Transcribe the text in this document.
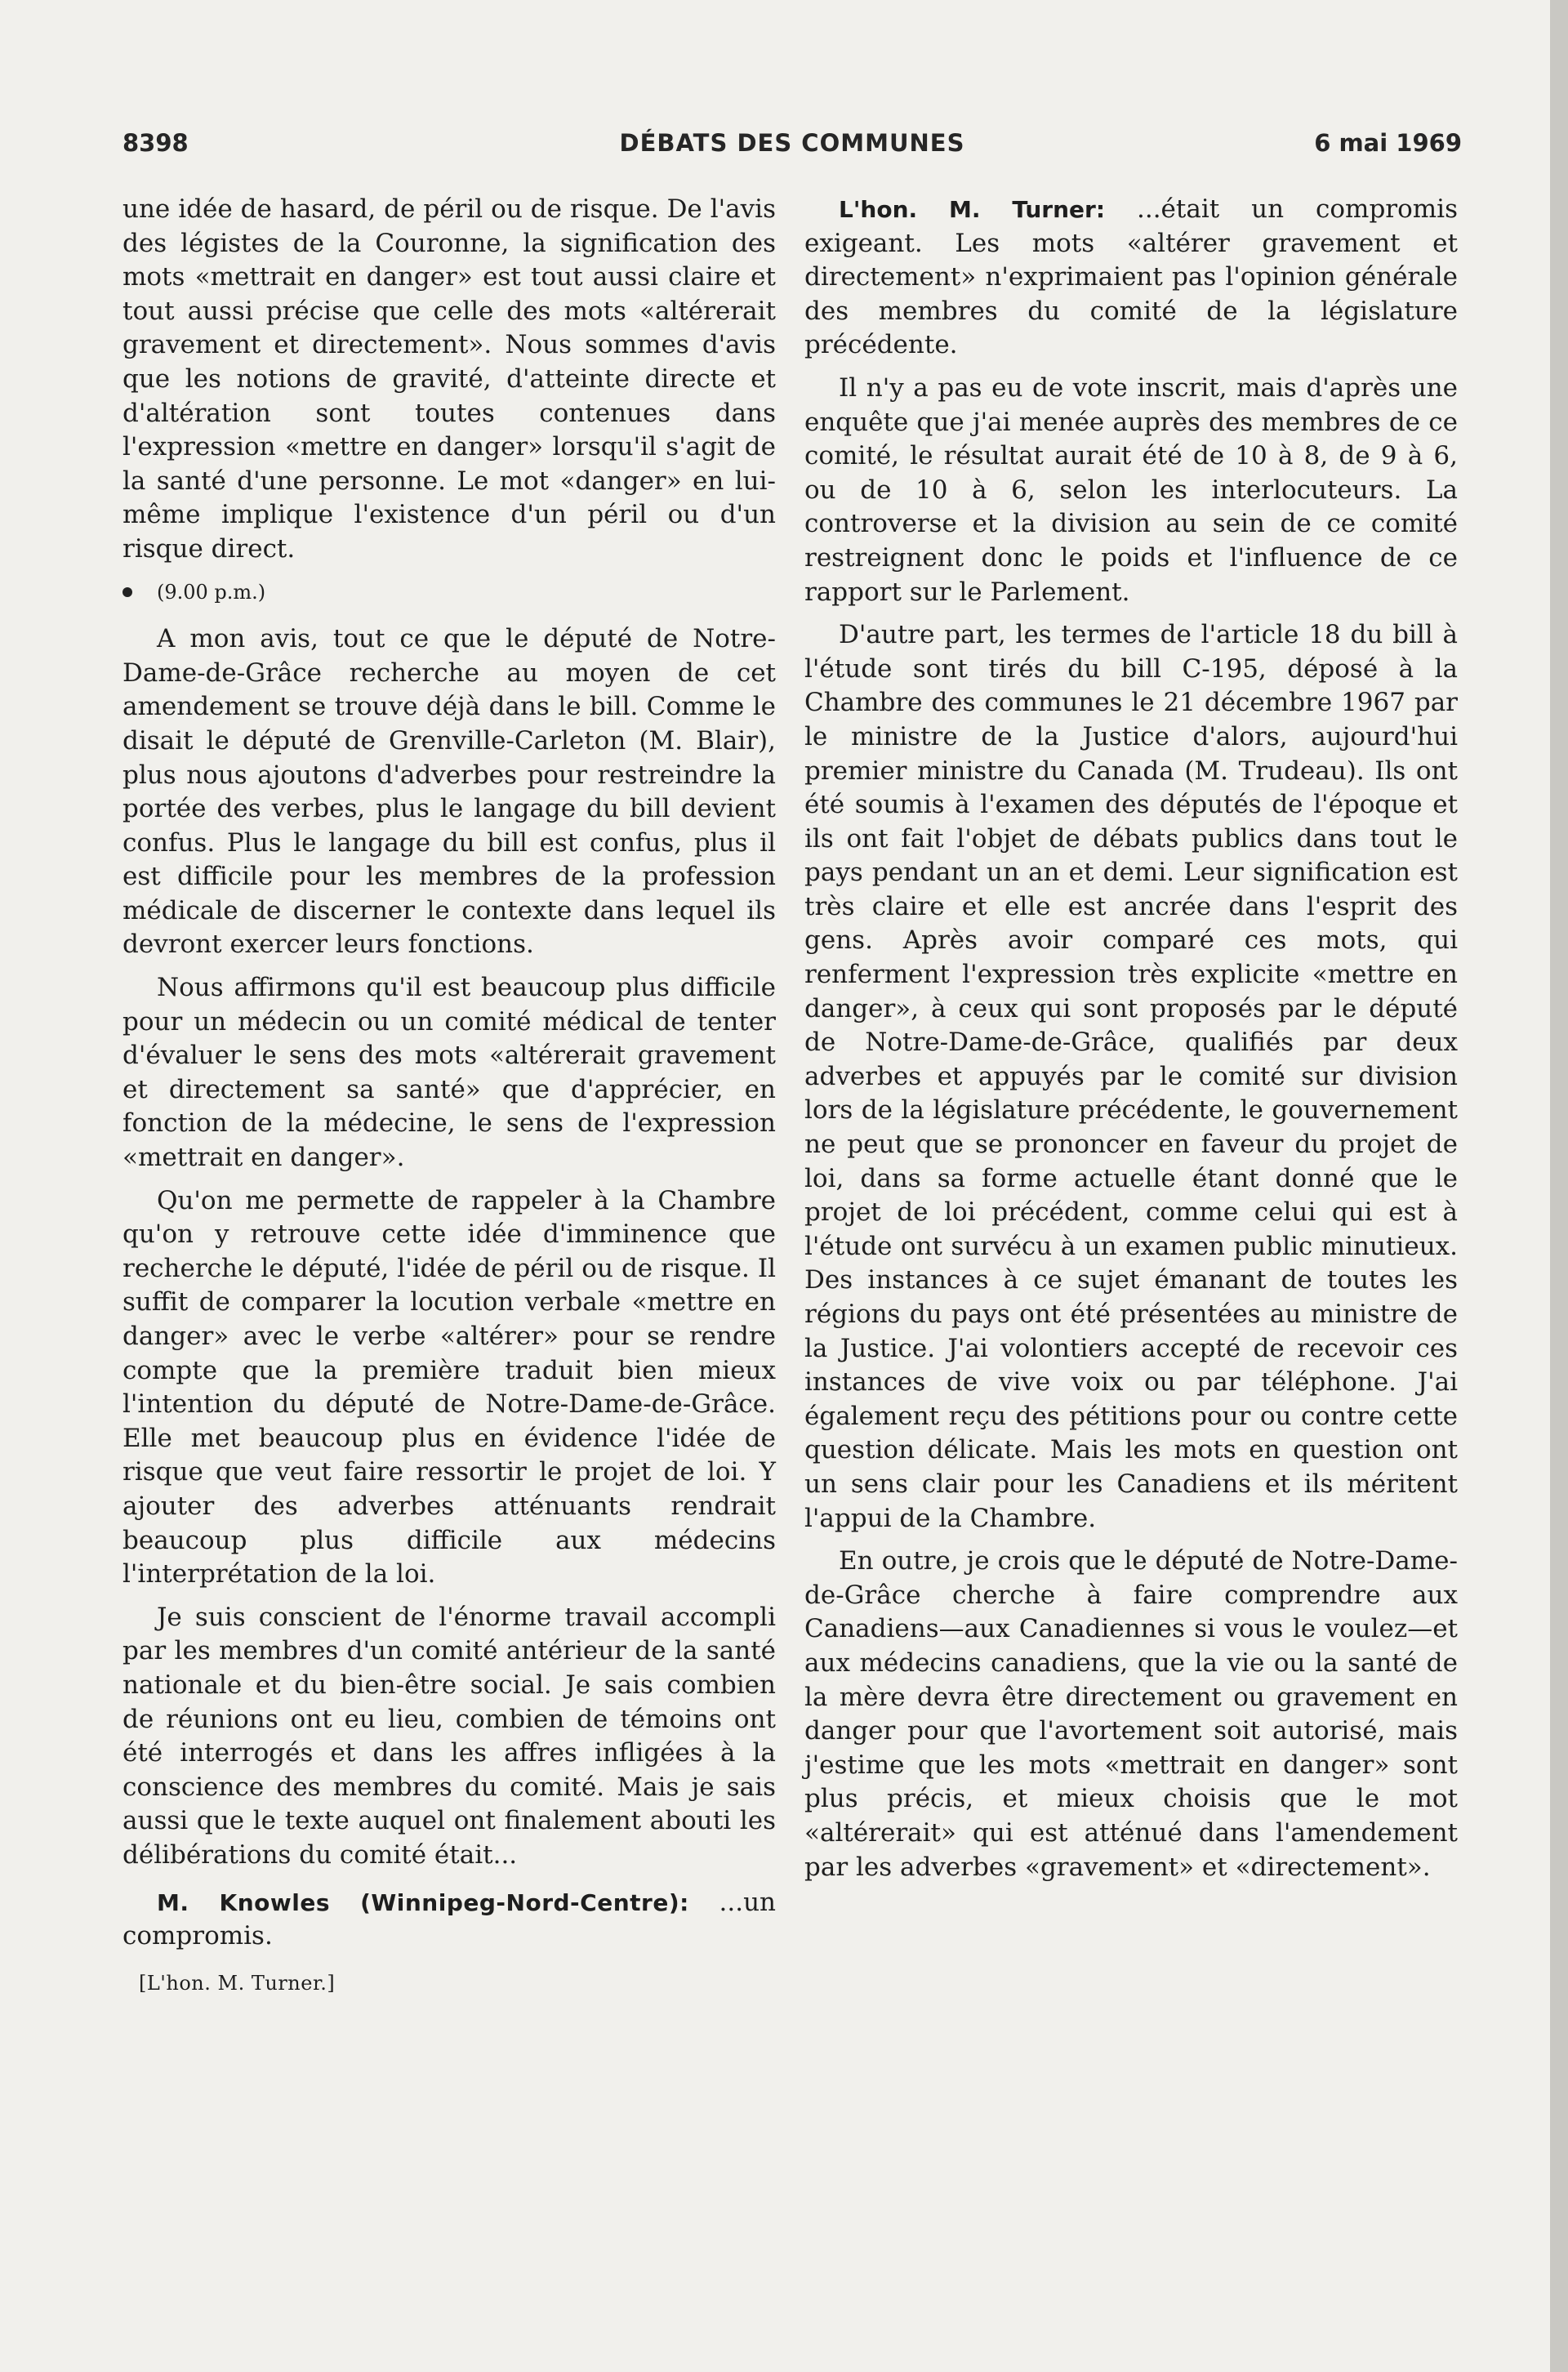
8398	DÉBATS DES COMMUNES	6 mai 1969

une idée de hasard, de péril ou de risque. De l'avis des légistes de la Couronne, la signification des mots «mettrait en danger» est tout aussi claire et tout aussi précise que celle des mots «altérerait gravement et directement». Nous sommes d'avis que les notions de gravité, d'atteinte directe et d'altération sont toutes contenues dans l'expression «mettre en danger» lorsqu'il s'agit de la santé d'une personne. Le mot «danger» en lui-même implique l'existence d'un péril ou d'un risque direct.

(9.00 p.m.)

A mon avis, tout ce que le député de Notre-Dame-de-Grâce recherche au moyen de cet amendement se trouve déjà dans le bill. Comme le disait le député de Grenville-Carleton (M. Blair), plus nous ajoutons d'adverbes pour restreindre la portée des verbes, plus le langage du bill devient confus. Plus le langage du bill est confus, plus il est difficile pour les membres de la profession médicale de discerner le contexte dans lequel ils devront exercer leurs fonctions.

Nous affirmons qu'il est beaucoup plus difficile pour un médecin ou un comité médical de tenter d'évaluer le sens des mots «altérerait gravement et directement sa santé» que d'apprécier, en fonction de la médecine, le sens de l'expression «mettrait en danger».

Qu'on me permette de rappeler à la Chambre qu'on y retrouve cette idée d'imminence que recherche le député, l'idée de péril ou de risque. Il suffit de comparer la locution verbale «mettre en danger» avec le verbe «altérer» pour se rendre compte que la première traduit bien mieux l'intention du député de Notre-Dame-de-Grâce. Elle met beaucoup plus en évidence l'idée de risque que veut faire ressortir le projet de loi. Y ajouter des adverbes atténuants rendrait beaucoup plus difficile aux médecins l'interprétation de la loi.

Je suis conscient de l'énorme travail accompli par les membres d'un comité antérieur de la santé nationale et du bien-être social. Je sais combien de réunions ont eu lieu, combien de témoins ont été interrogés et dans les affres infligées à la conscience des membres du comité. Mais je sais aussi que le texte auquel ont finalement abouti les délibérations du comité était...

M. Knowles (Winnipeg-Nord-Centre): ...un compromis.

[L'hon. M. Turner.]

L'hon. M. Turner: ...était un compromis exigeant. Les mots «altérer gravement et directement» n'exprimaient pas l'opinion générale des membres du comité de la législature précédente.

Il n'y a pas eu de vote inscrit, mais d'après une enquête que j'ai menée auprès des membres de ce comité, le résultat aurait été de 10 à 8, de 9 à 6, ou de 10 à 6, selon les interlocuteurs. La controverse et la division au sein de ce comité restreignent donc le poids et l'influence de ce rapport sur le Parlement.

D'autre part, les termes de l'article 18 du bill à l'étude sont tirés du bill C-195, déposé à la Chambre des communes le 21 décembre 1967 par le ministre de la Justice d'alors, aujourd'hui premier ministre du Canada (M. Trudeau). Ils ont été soumis à l'examen des députés de l'époque et ils ont fait l'objet de débats publics dans tout le pays pendant un an et demi. Leur signification est très claire et elle est ancrée dans l'esprit des gens. Après avoir comparé ces mots, qui renferment l'expression très explicite «mettre en danger», à ceux qui sont proposés par le député de Notre-Dame-de-Grâce, qualifiés par deux adverbes et appuyés par le comité sur division lors de la législature précédente, le gouvernement ne peut que se prononcer en faveur du projet de loi, dans sa forme actuelle étant donné que le projet de loi précédent, comme celui qui est à l'étude ont survécu à un examen public minutieux. Des instances à ce sujet émanant de toutes les régions du pays ont été présentées au ministre de la Justice. J'ai volontiers accepté de recevoir ces instances de vive voix ou par téléphone. J'ai également reçu des pétitions pour ou contre cette question délicate. Mais les mots en question ont un sens clair pour les Canadiens et ils méritent l'appui de la Chambre.

En outre, je crois que le député de Notre-Dame-de-Grâce cherche à faire comprendre aux Canadiens—aux Canadiennes si vous le voulez—et aux médecins canadiens, que la vie ou la santé de la mère devra être directement ou gravement en danger pour que l'avortement soit autorisé, mais j'estime que les mots «mettrait en danger» sont plus précis, et mieux choisis que le mot «altérerait» qui est atténué dans l'amendement par les adverbes «gravement» et «directement».
